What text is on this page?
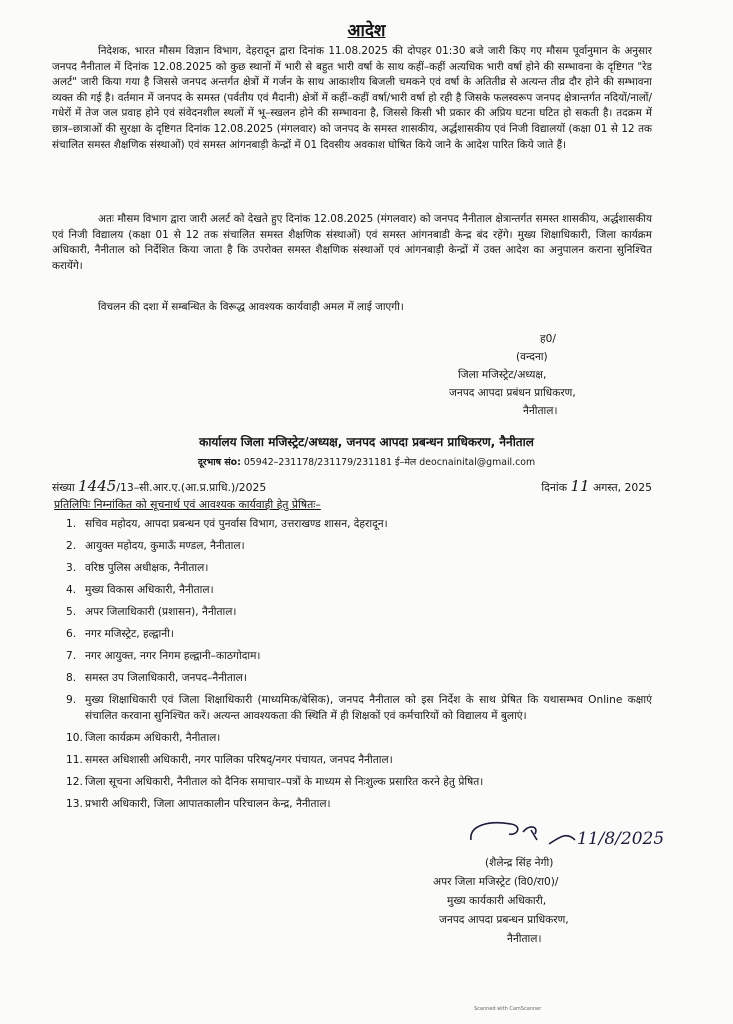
आदेश

निदेशक, भारत मौसम विज्ञान विभाग, देहरादून द्वारा दिनांक 11.08.2025 की दोपहर 01:30 बजे जारी किए गए मौसम पूर्वानुमान के अनुसार जनपद नैनीताल में दिनांक 12.08.2025 को कुछ स्थानों में भारी से बहुत भारी वर्षा के साथ कहीं–कहीं अत्यधिक भारी वर्षा होने की सम्भावना के दृष्टिगत "रेड अलर्ट" जारी किया गया है जिससे जनपद अन्तर्गत क्षेत्रों में गर्जन के साथ आकाशीय बिजली चमकने एवं वर्षा के अतितीव्र से अत्यन्त तीव्र दौर होने की सम्भावना व्यक्त की गई है। वर्तमान में जनपद के समस्त (पर्वतीय एवं मैदानी) क्षेत्रों में कहीं–कहीं वर्षा/भारी वर्षा हो रही है जिसके फलस्वरूप जनपद क्षेत्रान्तर्गत नदियों/नालों/गधेरों में तेज जल प्रवाह होने एवं संवेदनशील स्थलों में भू–स्खलन होने की सम्भावना है, जिससे किसी भी प्रकार की अप्रिय घटना घटित हो सकती है। तदक्रम में छात्र–छात्राओं की सुरक्षा के दृष्टिगत दिनांक 12.08.2025 (मंगलवार) को जनपद के समस्त शासकीय, अर्द्धशासकीय एवं निजी विद्यालयों (कक्षा 01 से 12 तक संचालित समस्त शैक्षणिक संस्थाओं) एवं समस्त आंगनबाड़ी केन्द्रों में 01 दिवसीय अवकाश घोषित किये जाने के आदेश पारित किये जाते हैं।

अतः मौसम विभाग द्वारा जारी अलर्ट को देखते हुए दिनांक 12.08.2025 (मंगलवार) को जनपद नैनीताल क्षेत्रान्तर्गत समस्त शासकीय, अर्द्धशासकीय एवं निजी विद्यालय (कक्षा 01 से 12 तक संचालित समस्त शैक्षणिक संस्थाओं) एवं समस्त आंगनबाडी केन्द्र बंद रहेंगे। मुख्य शिक्षाधिकारी, जिला कार्यक्रम अधिकारी, नैनीताल को निर्देशित किया जाता है कि उपरोक्त समस्त शैक्षणिक संस्थाओं एवं आंगनबाड़ी केन्द्रों में उक्त आदेश का अनुपालन कराना सुनिश्चित करायेंगे।

विचलन की दशा में सम्बन्धित के विरूद्ध आवश्यक कार्यवाही अमल में लाई जाएगी।

ह0/
(वन्दना)
जिला मजिस्ट्रेट/अध्यक्ष,
जनपद आपदा प्रबंधन प्राधिकरण,
नैनीताल।
कार्यालय जिला मजिस्ट्रेट/अध्यक्ष, जनपद आपदा प्रबन्धन प्राधिकरण, नैनीताल
दूरभाष संo: 05942–231178/231179/231181 ई–मेल deocnainital@gmail.com
संख्या 1445/13–सी.आर.ए.(आ.प्र.प्राधि.)/2025	दिनांक 11 अगस्त, 2025
प्रतिलिपिः निम्नांकित को सूचनार्थ एवं आवश्यक कार्यवाही हेतु प्रेषितः–
1. सचिव महोदय, आपदा प्रबन्धन एवं पुनर्वास विभाग, उत्तराखण्ड शासन, देहरादून।
2. आयुक्त महोदय, कुमाऊँ मण्डल, नैनीताल।
3. वरिष्ठ पुलिस अधीक्षक, नैनीताल।
4. मुख्य विकास अधिकारी, नैनीताल।
5. अपर जिलाधिकारी (प्रशासन), नैनीताल।
6. नगर मजिस्ट्रेट, हल्द्वानी।
7. नगर आयुक्त, नगर निगम हल्द्वानी–काठगोदाम।
8. समस्त उप जिलाधिकारी, जनपद–नैनीताल।
9. मुख्य शिक्षाधिकारी एवं जिला शिक्षाधिकारी (माध्यमिक/बेसिक), जनपद नैनीताल को इस निर्देश के साथ प्रेषित कि यथासम्भव Online कक्षाएं संचालित करवाना सुनिश्चित करें। अत्यन्त आवश्यकता की स्थिति में ही शिक्षकों एवं कर्मचारियों को विद्यालय में बुलाएं।
10. जिला कार्यक्रम अधिकारी, नैनीताल।
11. समस्त अधिशासी अधिकारी, नगर पालिका परिषद्/नगर पंचायत, जनपद नैनीताल।
12. जिला सूचना अधिकारी, नैनीताल को दैनिक समाचार–पत्रों के माध्यम से निःशुल्क प्रसारित करने हेतु प्रेषित।
13. प्रभारी अधिकारी, जिला आपातकालीन परिचालन केन्द्र, नैनीताल।
11/8/2025
(शैलेन्द्र सिंह नेगी)
अपर जिला मजिस्ट्रेट (वि0/रा0)/
मुख्य कार्यकारी अधिकारी,
जनपद आपदा प्रबन्धन प्राधिकरण,
नैनीताल।
Scanned with CamScanner
